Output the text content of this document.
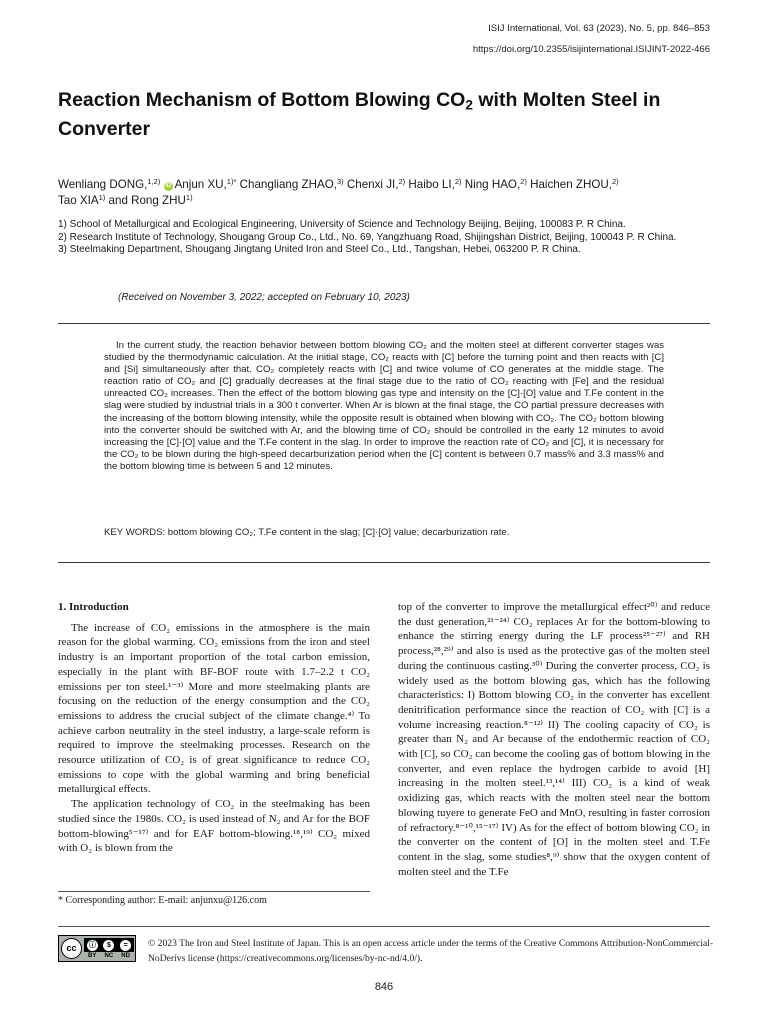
ISIJ International, Vol. 63 (2023), No. 5, pp. 846–853
https://doi.org/10.2355/isijinternational.ISIJINT-2022-466
Reaction Mechanism of Bottom Blowing $CO_2$ with Molten Steel in Converter
Wenliang DONG,$^{1,2)}$ iD Anjun XU,$^{1)*}$ Changliang ZHAO,$^{3)}$ Chenxi JI,$^{2)}$ Haibo LI,$^{2)}$ Ning HAO,$^{2)}$ Haichen ZHOU,$^{2)}$
Tao XIA$^{1)}$ and Rong ZHU$^{1)}$

1) School of Metallurgical and Ecological Engineering, University of Science and Technology Beijing, Beijing, 100083 P. R China.

2) Research Institute of Technology, Shougang Group Co., Ltd., No. 69, Yangzhuang Road, Shijingshan District, Beijing, 100043 P. R China.

3) Steelmaking Department, Shougang Jingtang United Iron and Steel Co., Ltd., Tangshan, Hebei, 063200 P. R China.

(Received on November 3, 2022; accepted on February 10, 2023)

In the current study, the reaction behavior between bottom blowing CO₂ and the molten steel at different converter stages was studied by the thermodynamic calculation. At the initial stage, CO₂ reacts with [C] before the turning point and then reacts with [C] and [Si] simultaneously after that. CO₂ completely reacts with [C] and twice volume of CO generates at the middle stage. The reaction ratio of CO₂ and [C] gradually decreases at the final stage due to the ratio of CO₂ reacting with [Fe] and the residual unreacted CO₂ increases. Then the effect of the bottom blowing gas type and intensity on the [C]·[O] value and T.Fe content in the slag were studied by industrial trials in a 300 t converter. When Ar is blown at the final stage, the CO partial pressure decreases with the increasing of the bottom blowing intensity, while the opposite result is obtained when blowing with CO₂. The CO₂ bottom blowing into the converter should be switched with Ar, and the blowing time of CO₂ should be controlled in the early 12 minutes to avoid increasing the [C]·[O] value and the T.Fe content in the slag. In order to improve the reaction rate of CO₂ and [C], it is necessary for the CO₂ to be blown during the high-speed decarburization period when the [C] content is between 0.7 mass% and 3.3 mass% and the bottom blowing time is between 5 and 12 minutes.

KEY WORDS: bottom blowing CO₂; T.Fe content in the slag; [C]·[O] value; decarburization rate.

1. Introduction

The increase of CO₂ emissions in the atmosphere is the main reason for the global warming. CO₂ emissions from the iron and steel industry is an important proportion of the total carbon emission, especially in the plant with BF-BOF route with 1.7–2.2 t CO₂ emissions per ton steel.¹⁻³⁾ More and more steelmaking plants are focusing on the reduction of the energy consumption and the CO₂ emissions to address the crucial subject of the climate change.⁴⁾ To achieve carbon neutrality in the steel industry, a large-scale reform is required to improve the steelmaking processes. Research on the resource utilization of CO₂ is of great significance to reduce CO₂ emissions to cope with the global warming and bring beneficial metallurgical effects.

The application technology of CO₂ in the steelmaking has been studied since the 1980s. CO₂ is used instead of N₂ and Ar for the BOF bottom-blowing⁵⁻¹⁷⁾ and for EAF bottom-blowing.¹⁸,¹⁹⁾ CO₂ mixed with O₂ is blown from the

top of the converter to improve the metallurgical effect²⁰⁾ and reduce the dust generation,²¹⁻²⁴⁾ CO₂ replaces Ar for the bottom-blowing to enhance the stirring energy during the LF process²⁵⁻²⁷⁾ and RH process,²⁸,²⁹⁾ and also is used as the protective gas of the molten steel during the continuous casting.³⁰⁾ During the converter process, CO₂ is widely used as the bottom blowing gas, which has the following characteristics: I) Bottom blowing CO₂ in the converter has excellent denitrification performance since the reaction of CO₂ with [C] is a volume increasing reaction.⁸⁻¹²⁾ II) The cooling capacity of CO₂ is greater than N₂ and Ar because of the endothermic reaction of CO₂ with [C], so CO₂ can become the cooling gas of bottom blowing in the converter, and even replace the hydrogen carbide to avoid [H] increasing in the molten steel.¹³,¹⁴⁾ III) CO₂ is a kind of weak oxidizing gas, which reacts with the molten steel near the bottom blowing tuyere to generate FeO and MnO, resulting in faster corrosion of refractory.⁸⁻¹⁰,¹⁵⁻¹⁷⁾ IV) As for the effect of bottom blowing CO₂ in the converter on the content of [O] in the molten steel and T.Fe content in the slag, some studies⁸,⁹⁾ show that the oxygen content of molten steel and the T.Fe

* Corresponding author: E-mail: anjunxu@126.com
cc	ⓘ	$	=
BY NC ND
© 2023 The Iron and Steel Institute of Japan. This is an open access article under the terms of the Creative Commons Attribution-NonCommercial-NoDerivs license (https://creativecommons.org/licenses/by-nc-nd/4.0/).
846
